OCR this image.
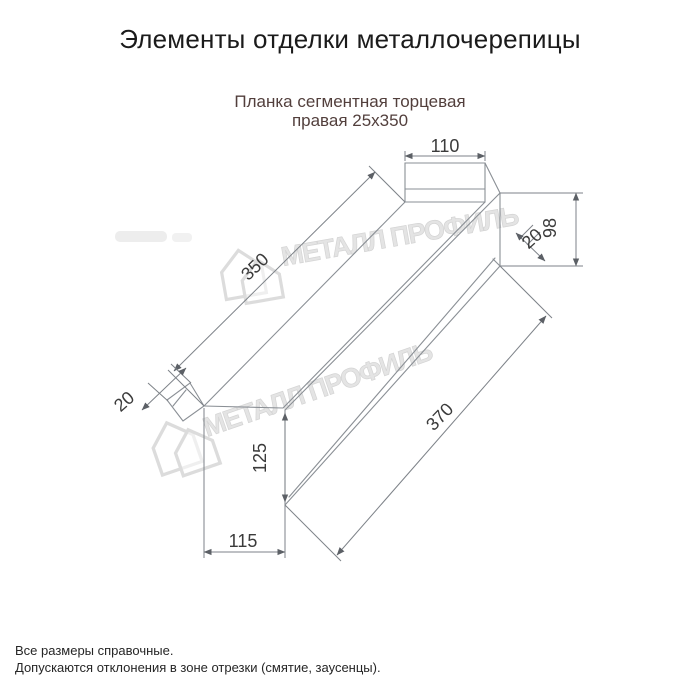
Элементы отделки металлочерепицы
Планка сегментная торцевая
правая 25x350
МЕТАЛЛ ПРОФИЛЬ
МЕТАЛЛ ПРОФИЛЬ
110
350
98
20
125
115
370
20
Все размеры справочные.
Допускаются отклонения в зоне отрезки (смятие, заусенцы).
